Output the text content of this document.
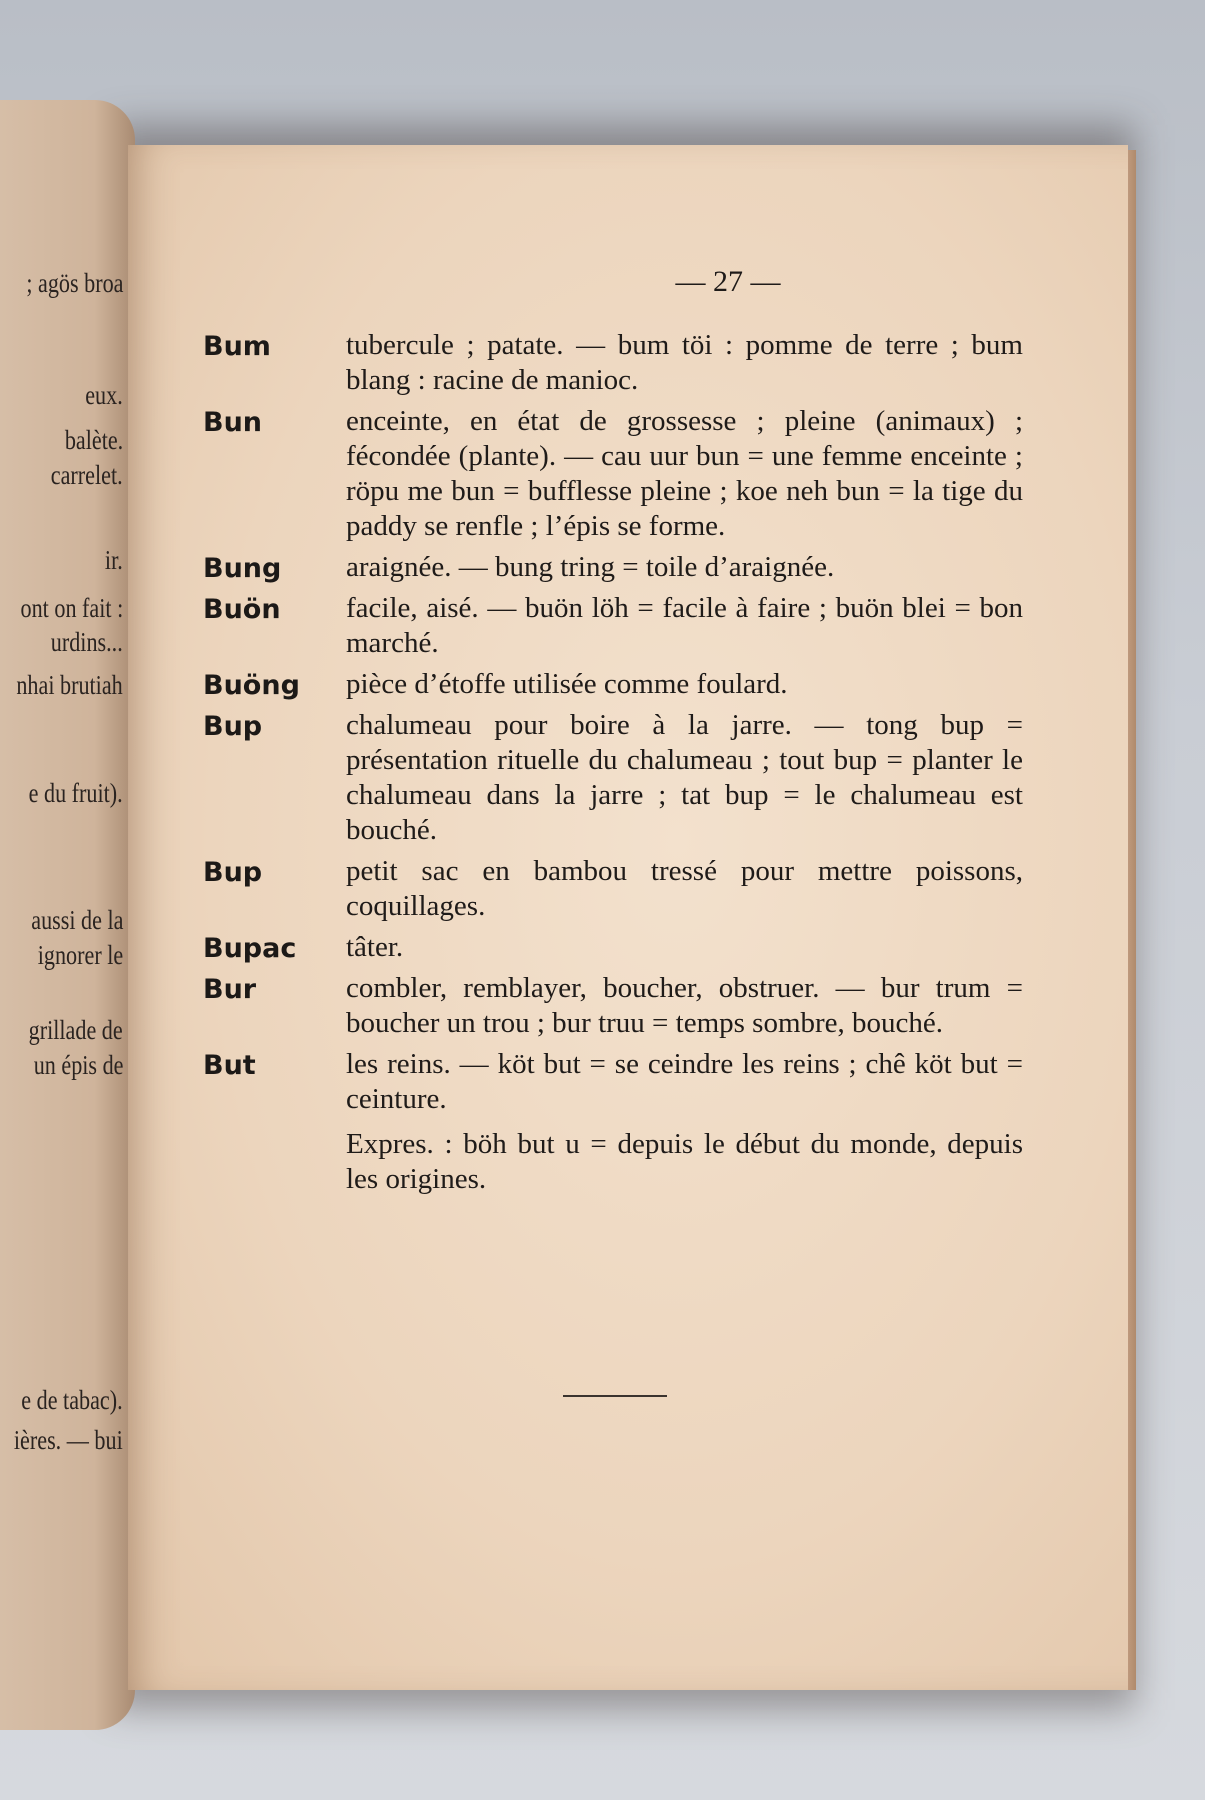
; agös broa
eux.
balète.
carrelet.
ir.
ont on fait :
urdins...
nhai brutiah
e du fruit).
aussi de la
ignorer le
grillade de
un épis de
e de tabac).
ières. — bui
— 27 —
Bum	tubercule ; patate. — bum töi : pomme de terre ; bum blang : racine de manioc.

Bun	enceinte, en état de grossesse ; pleine (animaux) ; fécondée (plante). — cau uur bun = une femme enceinte ; röpu me bun = bufflesse pleine ; koe neh bun = la tige du paddy se renfle ; l’épis se forme.

Bung	araignée. — bung tring = toile d’araignée.

Buön	facile, aisé. — buön löh = facile à faire ; buön blei = bon marché.

Buöng	pièce d’étoffe utilisée comme foulard.

Bup	chalumeau pour boire à la jarre. — tong bup = présentation rituelle du chalumeau ; tout bup = planter le chalumeau dans la jarre ; tat bup = le chalumeau est bouché.

Bup	petit sac en bambou tressé pour mettre poissons, coquillages.

Bupac	tâter.

Bur	combler, remblayer, boucher, obstruer. — bur trum = boucher un trou ; bur truu = temps sombre, bouché.

But	les reins. — köt but = se ceindre les reins ; chê köt but = ceinture.

Expres. : böh but u = depuis le début du monde, depuis les origines.
